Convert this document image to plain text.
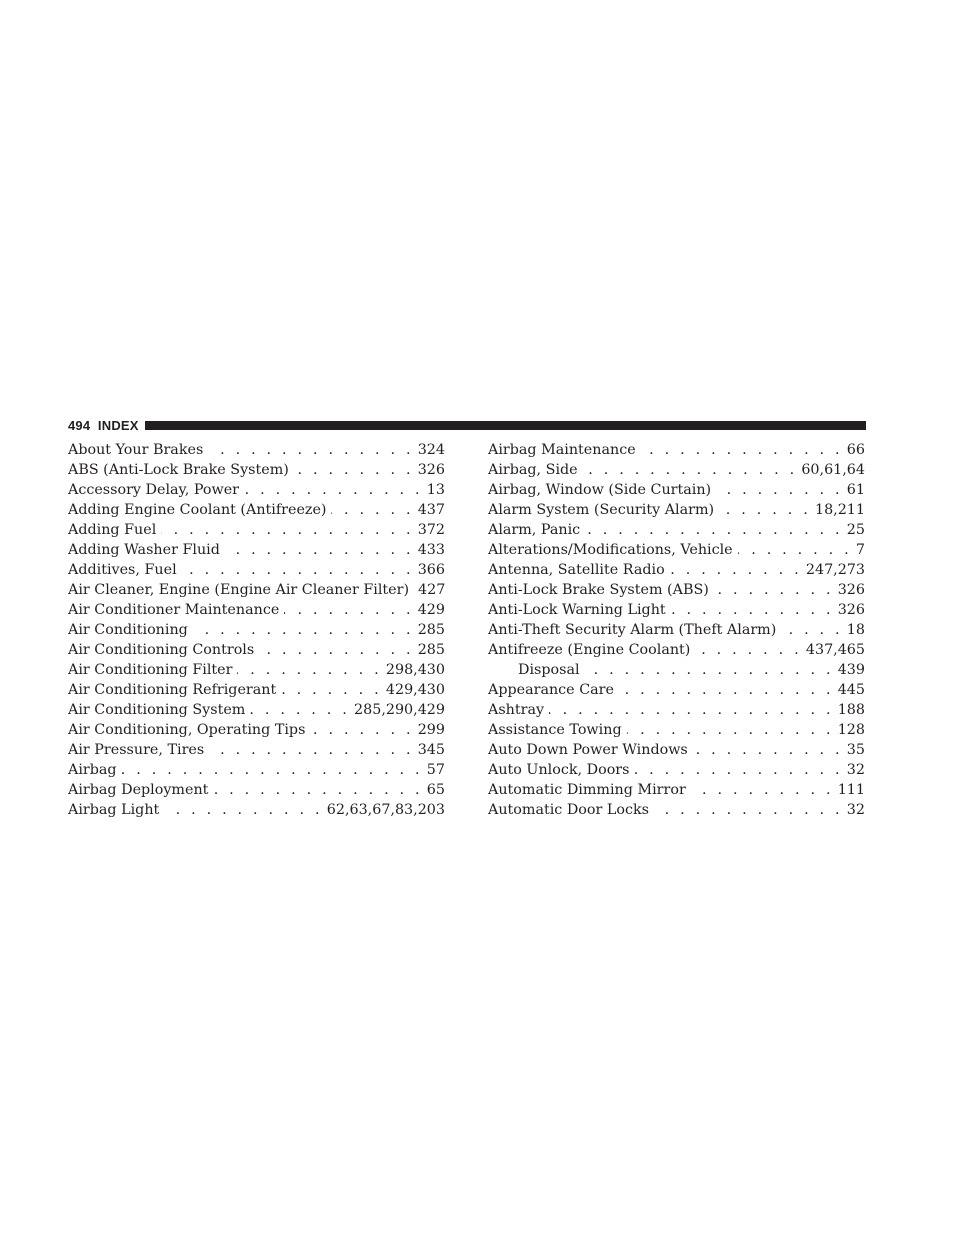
494 INDEX
About Your Brakes . . .	324
ABS (Anti-Lock Brake System) . . .	326
Accessory Delay, Power . . .	13
Adding Engine Coolant (Antifreeze) . . .	437
Adding Fuel . . .	372
Adding Washer Fluid . . .	433
Additives, Fuel . . .	366
Air Cleaner, Engine (Engine Air Cleaner Filter) 427
Air Conditioner Maintenance . . .	429
Air Conditioning . . .	285
Air Conditioning Controls . . .	285
Air Conditioning Filter . . .	298,430
Air Conditioning Refrigerant . . .	429,430
Air Conditioning System . . .	285,290,429
Air Conditioning, Operating Tips . . .	299
Air Pressure, Tires . . .	345
Airbag . . .	57
Airbag Deployment . . .	65
Airbag Light . . .	62,63,67,83,203
Airbag Maintenance . . .	66
Airbag, Side . . .	60,61,64
Airbag, Window (Side Curtain) . . .	61
Alarm System (Security Alarm) . . .	18,211
Alarm, Panic . . .	25
Alterations/Modifications, Vehicle . . .	7
Antenna, Satellite Radio . . .	247,273
Anti-Lock Brake System (ABS) . . .	326
Anti-Lock Warning Light . . .	326
Anti-Theft Security Alarm (Theft Alarm) . . .	18
Antifreeze (Engine Coolant) . . .	437,465
Disposal . . .	439
Appearance Care . . .	445
Ashtray . . .	188
Assistance Towing . . .	128
Auto Down Power Windows . . .	35
Auto Unlock, Doors . . .	32
Automatic Dimming Mirror . . .	111
Automatic Door Locks . . .	32
